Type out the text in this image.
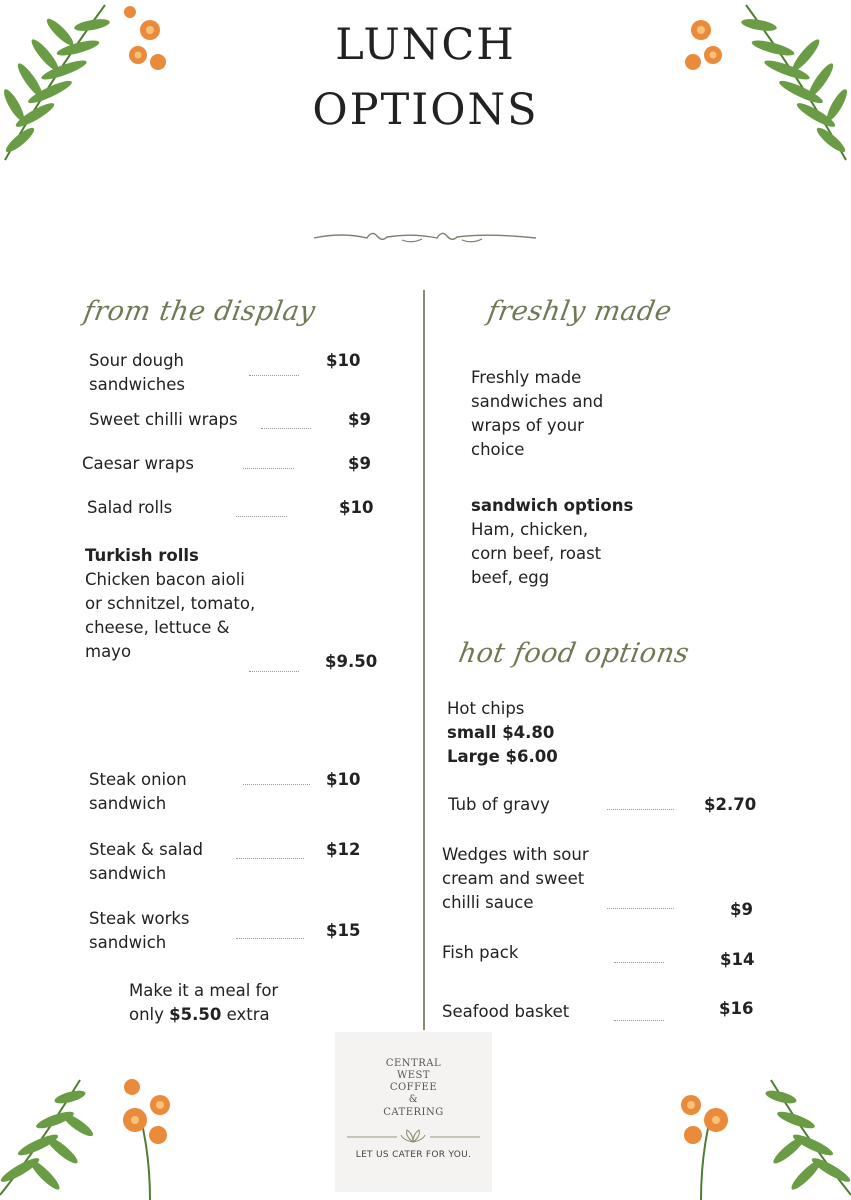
LUNCH
OPTIONS
from the display
Sour dough
sandwiches
$10
Sweet chilli wraps	$9
Caesar wraps	$9
Salad rolls	$10
Turkish rolls
Chicken bacon aioli
or schnitzel, tomato,
cheese, lettuce &
mayo
$9.50
Steak onion
sandwich
$10
Steak & salad
sandwich
$12
Steak works
sandwich
$15
Make it a meal for
only $5.50 extra
freshly made
Freshly made
sandwiches and
wraps of your
choice
sandwich options
Ham, chicken,
corn beef, roast
beef, egg
hot food options
Hot chips
small $4.80
Large $6.00
Tub of gravy	$2.70
Wedges with sour
cream and sweet
chilli sauce	$9
Fish pack	$14
Seafood basket	$16
CENTRAL
WEST
COFFEE
&
CATERING
LET US CATER FOR YOU.
